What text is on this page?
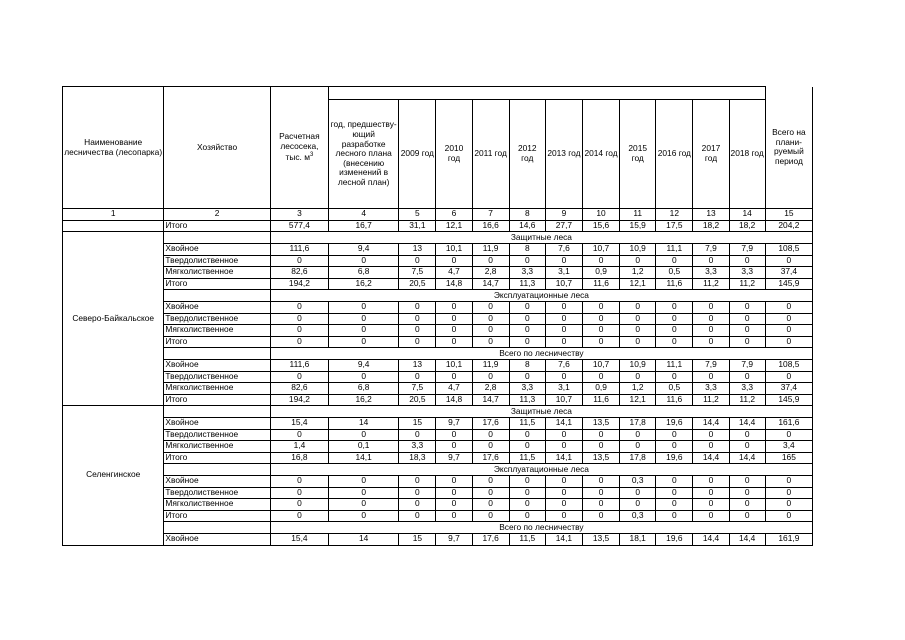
Наименование лесничества (лесопарка)	Хозяйство	Расчетная лесосека, тыс. $м^3$												Всего на плани- руемый период
			год, предшеству- ющий разработке лесного плана (внесению изменений в лесной план)	2009 год	2010 год	2011 год	2012 год	2013 год	2014 год	2015 год	2016 год	2017 год	2018 год	
1	2	3	4	5	6	7	8	9	10	11	12	13	14	15
	Итого	577,4	16,7	31,1	12,1	16,6	14,6	27,7	15,6	15,9	17,5	18,2	18,2	204,2
Северо-Байкальское		Защитные леса												
	Хвойное	111,6	9,4	13	10,1	11,9	8	7,6	10,7	10,9	11,1	7,9	7,9	108,5
	Твердолиственное	0	0	0	0	0	0	0	0	0	0	0	0	0
	Мягколиственное	82,6	6,8	7,5	4,7	2,8	3,3	3,1	0,9	1,2	0,5	3,3	3,3	37,4
	Итого	194,2	16,2	20,5	14,8	14,7	11,3	10,7	11,6	12,1	11,6	11,2	11,2	145,9
		Эксплуатационные леса												
	Хвойное	0	0	0	0	0	0	0	0	0	0	0	0	0
	Твердолиственное	0	0	0	0	0	0	0	0	0	0	0	0	0
	Мягколиственное	0	0	0	0	0	0	0	0	0	0	0	0	0
	Итого	0	0	0	0	0	0	0	0	0	0	0	0	0
		Всего по лесничеству												
	Хвойное	111,6	9,4	13	10,1	11,9	8	7,6	10,7	10,9	11,1	7,9	7,9	108,5
	Твердолиственное	0	0	0	0	0	0	0	0	0	0	0	0	0
	Мягколиственное	82,6	6,8	7,5	4,7	2,8	3,3	3,1	0,9	1,2	0,5	3,3	3,3	37,4
	Итого	194,2	16,2	20,5	14,8	14,7	11,3	10,7	11,6	12,1	11,6	11,2	11,2	145,9
Селенгинское		Защитные леса												
	Хвойное	15,4	14	15	9,7	17,6	11,5	14,1	13,5	17,8	19,6	14,4	14,4	161,6
	Твердолиственное	0	0	0	0	0	0	0	0	0	0	0	0	0
	Мягколиственное	1,4	0,1	3,3	0	0	0	0	0	0	0	0	0	3,4
	Итого	16,8	14,1	18,3	9,7	17,6	11,5	14,1	13,5	17,8	19,6	14,4	14,4	165
		Эксплуатационные леса												
	Хвойное	0	0	0	0	0	0	0	0	0,3	0	0	0	0
	Твердолиственное	0	0	0	0	0	0	0	0	0	0	0	0	0
	Мягколиственное	0	0	0	0	0	0	0	0	0	0	0	0	0
	Итого	0	0	0	0	0	0	0	0	0,3	0	0	0	0
		Всего по лесничеству												
	Хвойное	15,4	14	15	9,7	17,6	11,5	14,1	13,5	18,1	19,6	14,4	14,4	161,9
